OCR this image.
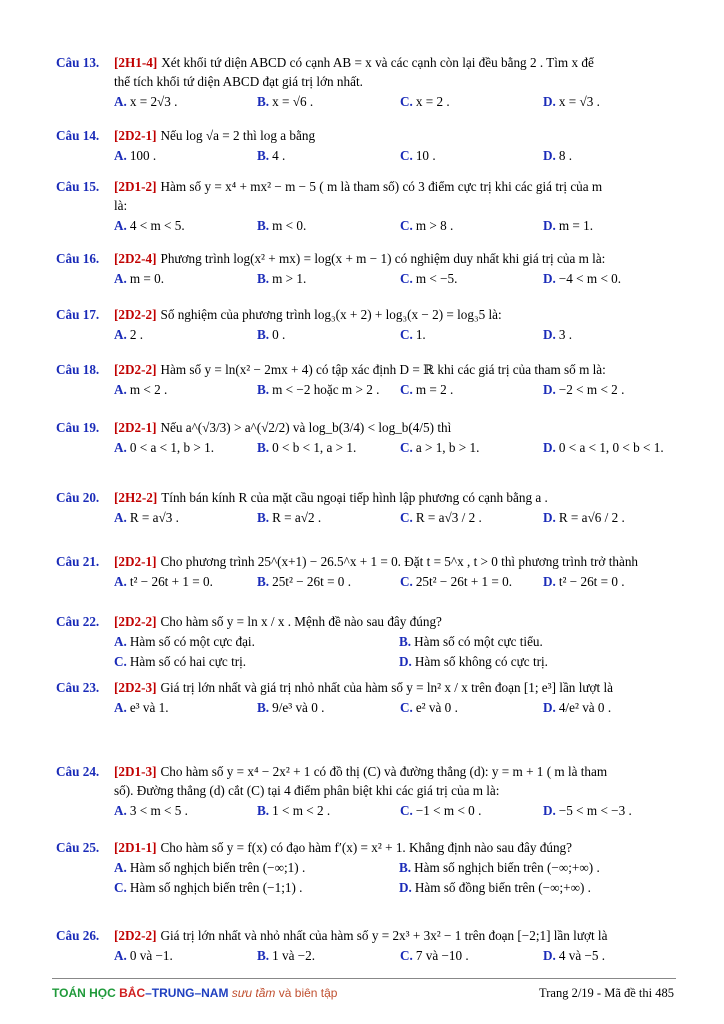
Câu 13.	[2H1-4] Xét khối tứ diện ABCD có cạnh AB = x và các cạnh còn lại đều bằng 2 . Tìm x để
thể tích khối tứ diện ABCD đạt giá trị lớn nhất.
A. x = 2√3 .	B. x = √6 .	C. x = 2 .	D. x = √3 .
Câu 14.	[2D2-1] Nếu log √a = 2 thì log a bằng
A. 100 .	B. 4 .	C. 10 .	D. 8 .
Câu 15.	[2D1-2] Hàm số y = x⁴ + mx² − m − 5 ( m là tham số) có 3 điểm cực trị khi các giá trị của m
là:
A. 4 < m < 5.	B. m < 0.	C. m > 8 .	D. m = 1.
Câu 16.	[2D2-4] Phương trình log(x² + mx) = log(x + m − 1) có nghiệm duy nhất khi giá trị của m là:
A. m = 0.	B. m > 1.	C. m < −5.	D. −4 < m < 0.
Câu 17.	[2D2-2] Số nghiệm của phương trình log₃(x + 2) + log₃(x − 2) = log₃5 là:
A. 2 .	B. 0 .	C. 1.	D. 3 .
Câu 18.	[2D2-2] Hàm số y = ln(x² − 2mx + 4) có tập xác định D = ℝ khi các giá trị của tham số m là:
A. m < 2 .	B. m < −2 hoặc m > 2 .	C. m = 2 .	D. −2 < m < 2 .
Câu 19.	[2D2-1] Nếu a^(√3/3) > a^(√2/2) và log_b(3/4) < log_b(4/5) thì
A. 0 < a < 1, b > 1.	B. 0 < b < 1, a > 1.	C. a > 1, b > 1.	D. 0 < a < 1, 0 < b < 1.
Câu 20.	[2H2-2] Tính bán kính R của mặt cầu ngoại tiếp hình lập phương có cạnh bằng a .
A. R = a√3 .	B. R = a√2 .	C. R = a√3 / 2 .	D. R = a√6 / 2 .
Câu 21.	[2D2-1] Cho phương trình 25^(x+1) − 26.5^x + 1 = 0. Đặt t = 5^x , t > 0 thì phương trình trở thành
A. t² − 26t + 1 = 0.	B. 25t² − 26t = 0 .	C. 25t² − 26t + 1 = 0.	D. t² − 26t = 0 .
Câu 22.	[2D2-2] Cho hàm số y = ln x / x . Mệnh đề nào sau đây đúng?
A. Hàm số có một cực đại.	B. Hàm số có một cực tiểu.
C. Hàm số có hai cực trị.	D. Hàm số không có cực trị.
Câu 23.	[2D2-3] Giá trị lớn nhất và giá trị nhỏ nhất của hàm số y = ln² x / x trên đoạn [1; e³] lần lượt là
A. e³ và 1.	B. 9/e³ và 0 .	C. e² và 0 .	D. 4/e² và 0 .
Câu 24.	[2D1-3] Cho hàm số y = x⁴ − 2x² + 1 có đồ thị (C) và đường thẳng (d): y = m + 1 ( m là tham
số). Đường thẳng (d) cắt (C) tại 4 điểm phân biệt khi các giá trị của m là:
A. 3 < m < 5 .	B. 1 < m < 2 .	C. −1 < m < 0 .	D. −5 < m < −3 .
Câu 25.	[2D1-1] Cho hàm số y = f(x) có đạo hàm f′(x) = x² + 1. Khẳng định nào sau đây đúng?
A. Hàm số nghịch biến trên (−∞;1) .	B. Hàm số nghịch biến trên (−∞;+∞) .
C. Hàm số nghịch biến trên (−1;1) .	D. Hàm số đồng biến trên (−∞;+∞) .
Câu 26.	[2D2-2] Giá trị lớn nhất và nhỏ nhất của hàm số y = 2x³ + 3x² − 1 trên đoạn [−2;1] lần lượt là
A. 0 và −1.	B. 1 và −2.	C. 7 và −10 .	D. 4 và −5 .
TOÁN HỌC BẮC–TRUNG–NAM sưu tầm và biên tập	Trang 2/19 - Mã đề thi 485
